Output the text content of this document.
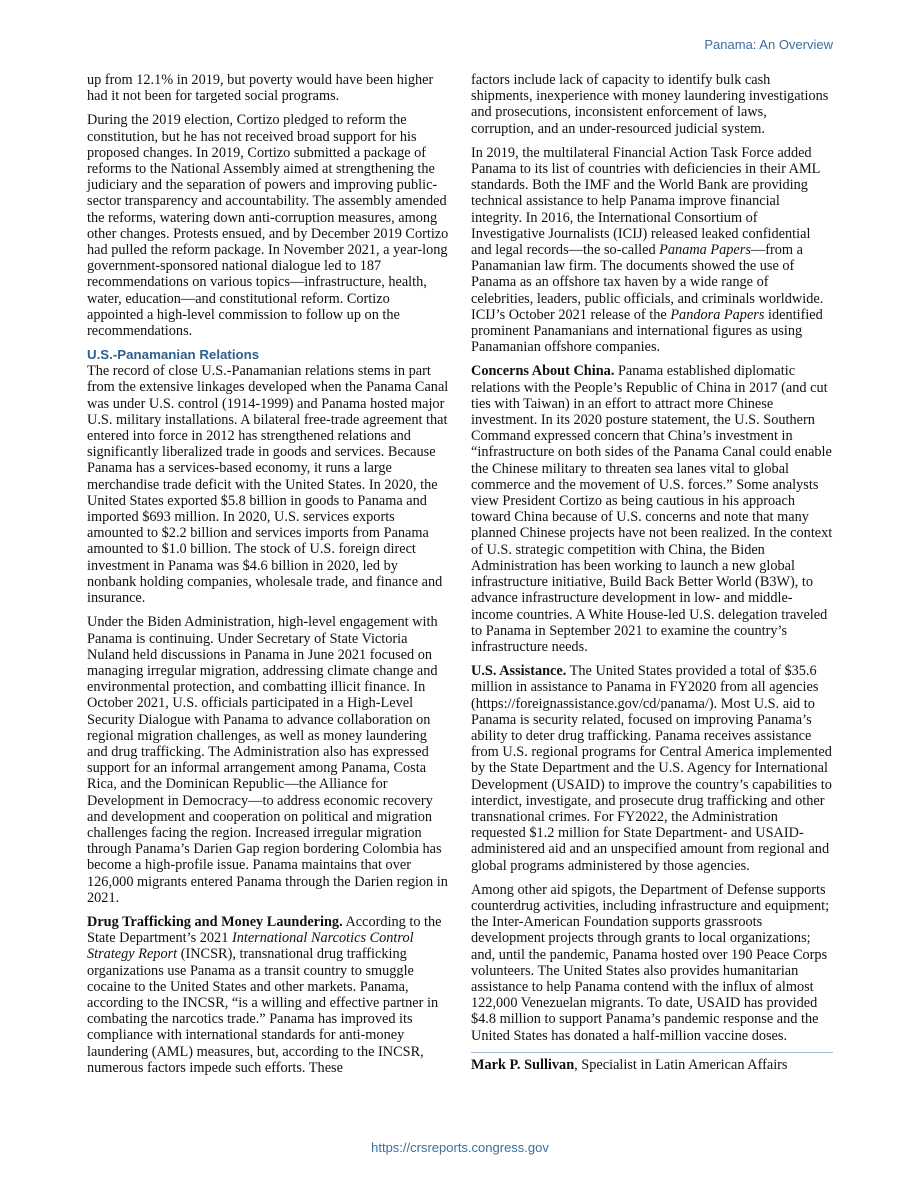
Panama: An Overview

up from 12.1% in 2019, but poverty would have been higher had it not been for targeted social programs.

During the 2019 election, Cortizo pledged to reform the constitution, but he has not received broad support for his proposed changes. In 2019, Cortizo submitted a package of reforms to the National Assembly aimed at strengthening the judiciary and the separation of powers and improving public-sector transparency and accountability. The assembly amended the reforms, watering down anti-corruption measures, among other changes. Protests ensued, and by December 2019 Cortizo had pulled the reform package. In November 2021, a year-long government-sponsored national dialogue led to 187 recommendations on various topics—infrastructure, health, water, education—and constitutional reform. Cortizo appointed a high-level commission to follow up on the recommendations.

U.S.-Panamanian Relations

The record of close U.S.-Panamanian relations stems in part from the extensive linkages developed when the Panama Canal was under U.S. control (1914-1999) and Panama hosted major U.S. military installations. A bilateral free-trade agreement that entered into force in 2012 has strengthened relations and significantly liberalized trade in goods and services. Because Panama has a services-based economy, it runs a large merchandise trade deficit with the United States. In 2020, the United States exported $5.8 billion in goods to Panama and imported $693 million. In 2020, U.S. services exports amounted to $2.2 billion and services imports from Panama amounted to $1.0 billion. The stock of U.S. foreign direct investment in Panama was $4.6 billion in 2020, led by nonbank holding companies, wholesale trade, and finance and insurance.

Under the Biden Administration, high-level engagement with Panama is continuing. Under Secretary of State Victoria Nuland held discussions in Panama in June 2021 focused on managing irregular migration, addressing climate change and environmental protection, and combatting illicit finance. In October 2021, U.S. officials participated in a High-Level Security Dialogue with Panama to advance collaboration on regional migration challenges, as well as money laundering and drug trafficking. The Administration also has expressed support for an informal arrangement among Panama, Costa Rica, and the Dominican Republic—the Alliance for Development in Democracy—to address economic recovery and development and cooperation on political and migration challenges facing the region. Increased irregular migration through Panama’s Darien Gap region bordering Colombia has become a high-profile issue. Panama maintains that over 126,000 migrants entered Panama through the Darien region in 2021.

Drug Trafficking and Money Laundering. According to the State Department’s 2021 International Narcotics Control Strategy Report (INCSR), transnational drug trafficking organizations use Panama as a transit country to smuggle cocaine to the United States and other markets. Panama, according to the INCSR, “is a willing and effective partner in combating the narcotics trade.” Panama has improved its compliance with international standards for anti-money laundering (AML) measures, but, according to the INCSR, numerous factors impede such efforts. These

factors include lack of capacity to identify bulk cash shipments, inexperience with money laundering investigations and prosecutions, inconsistent enforcement of laws, corruption, and an under-resourced judicial system.

In 2019, the multilateral Financial Action Task Force added Panama to its list of countries with deficiencies in their AML standards. Both the IMF and the World Bank are providing technical assistance to help Panama improve financial integrity. In 2016, the International Consortium of Investigative Journalists (ICIJ) released leaked confidential and legal records—the so-called Panama Papers—from a Panamanian law firm. The documents showed the use of Panama as an offshore tax haven by a wide range of celebrities, leaders, public officials, and criminals worldwide. ICIJ’s October 2021 release of the Pandora Papers identified prominent Panamanians and international figures as using Panamanian offshore companies.

Concerns About China. Panama established diplomatic relations with the People’s Republic of China in 2017 (and cut ties with Taiwan) in an effort to attract more Chinese investment. In its 2020 posture statement, the U.S. Southern Command expressed concern that China’s investment in “infrastructure on both sides of the Panama Canal could enable the Chinese military to threaten sea lanes vital to global commerce and the movement of U.S. forces.” Some analysts view President Cortizo as being cautious in his approach toward China because of U.S. concerns and note that many planned Chinese projects have not been realized. In the context of U.S. strategic competition with China, the Biden Administration has been working to launch a new global infrastructure initiative, Build Back Better World (B3W), to advance infrastructure development in low- and middle-income countries. A White House-led U.S. delegation traveled to Panama in September 2021 to examine the country’s infrastructure needs.

U.S. Assistance. The United States provided a total of $35.6 million in assistance to Panama in FY2020 from all agencies (https://foreignassistance.gov/cd/panama/). Most U.S. aid to Panama is security related, focused on improving Panama’s ability to deter drug trafficking. Panama receives assistance from U.S. regional programs for Central America implemented by the State Department and the U.S. Agency for International Development (USAID) to improve the country’s capabilities to interdict, investigate, and prosecute drug trafficking and other transnational crimes. For FY2022, the Administration requested $1.2 million for State Department- and USAID-administered aid and an unspecified amount from regional and global programs administered by those agencies.

Among other aid spigots, the Department of Defense supports counterdrug activities, including infrastructure and equipment; the Inter-American Foundation supports grassroots development projects through grants to local organizations; and, until the pandemic, Panama hosted over 190 Peace Corps volunteers. The United States also provides humanitarian assistance to help Panama contend with the influx of almost 122,000 Venezuelan migrants. To date, USAID has provided $4.8 million to support Panama’s pandemic response and the United States has donated a half-million vaccine doses.

Mark P. Sullivan, Specialist in Latin American Affairs
https://crsreports.congress.gov
